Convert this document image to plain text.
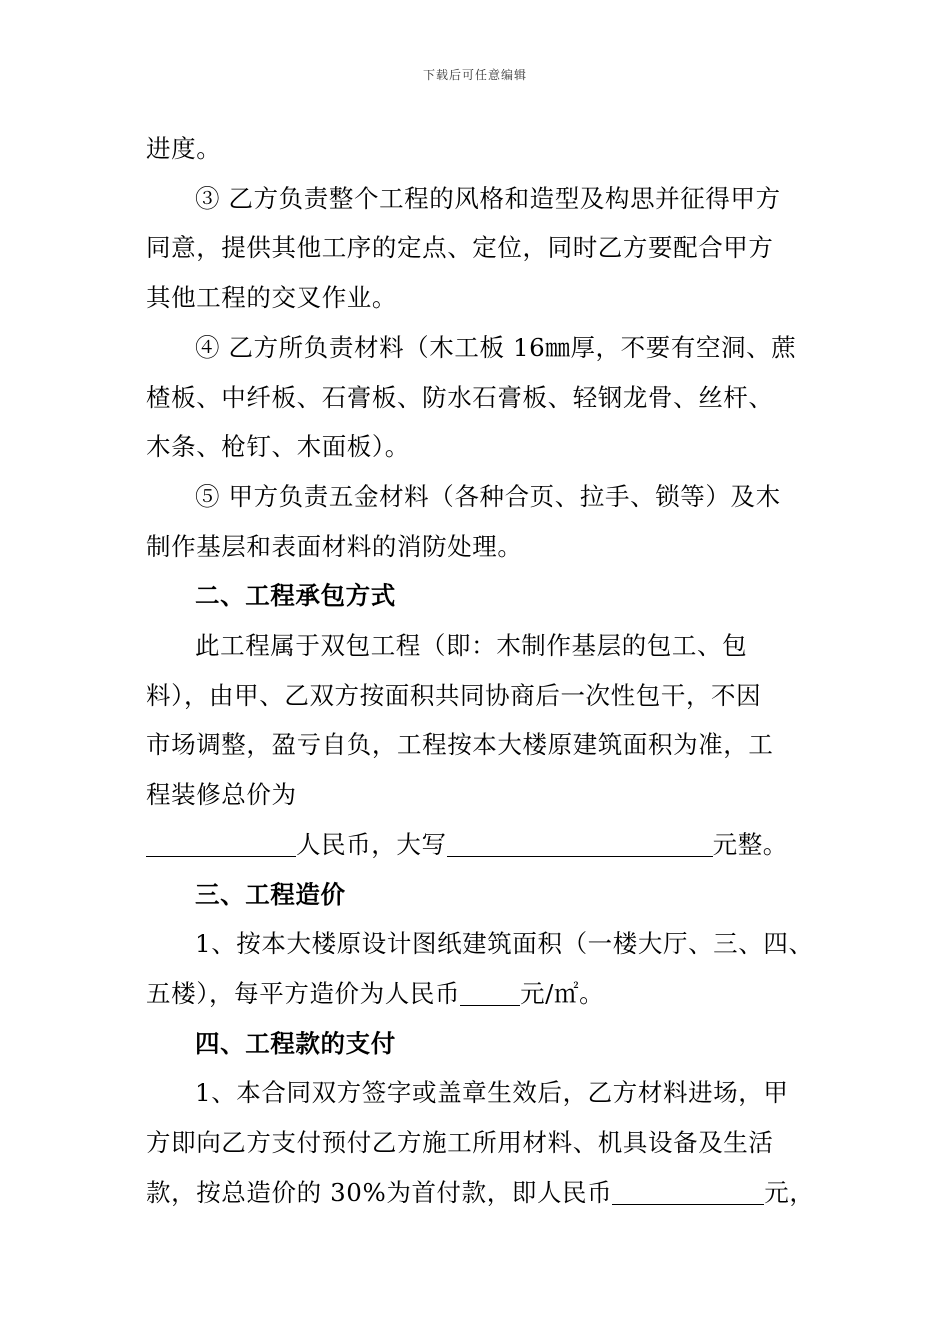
下载后可任意编辑
进度。
③ 乙方负责整个工程的风格和造型及构思并征得甲方
同意，提供其他工序的定点、定位，同时乙方要配合甲方
其他工程的交叉作业。
④ 乙方所负责材料（木工板 16㎜厚，不要有空洞、蔗
楂板、中纤板、石膏板、防水石膏板、轻钢龙骨、丝杆、
木条、枪钉、木面板）。
⑤ 甲方负责五金材料（各种合页、拉手、锁等）及木
制作基层和表面材料的消防处理。
二、工程承包方式
此工程属于双包工程（即：木制作基层的包工、包
料），由甲、乙双方按面积共同协商后一次性包干，不因
市场调整，盈亏自负，工程按本大楼原建筑面积为准，工
程装修总价为
人民币，大写	元整。
三、工程造价
1、按本大楼原设计图纸建筑面积（一楼大厅、三、四、
五楼），每平方造价为人民币 元/㎡。
四、工程款的支付
1、本合同双方签字或盖章生效后，乙方材料进场，甲
方即向乙方支付预付乙方施工所用材料、机具设备及生活
款，按总造价的 30%为首付款，即人民币	元，
